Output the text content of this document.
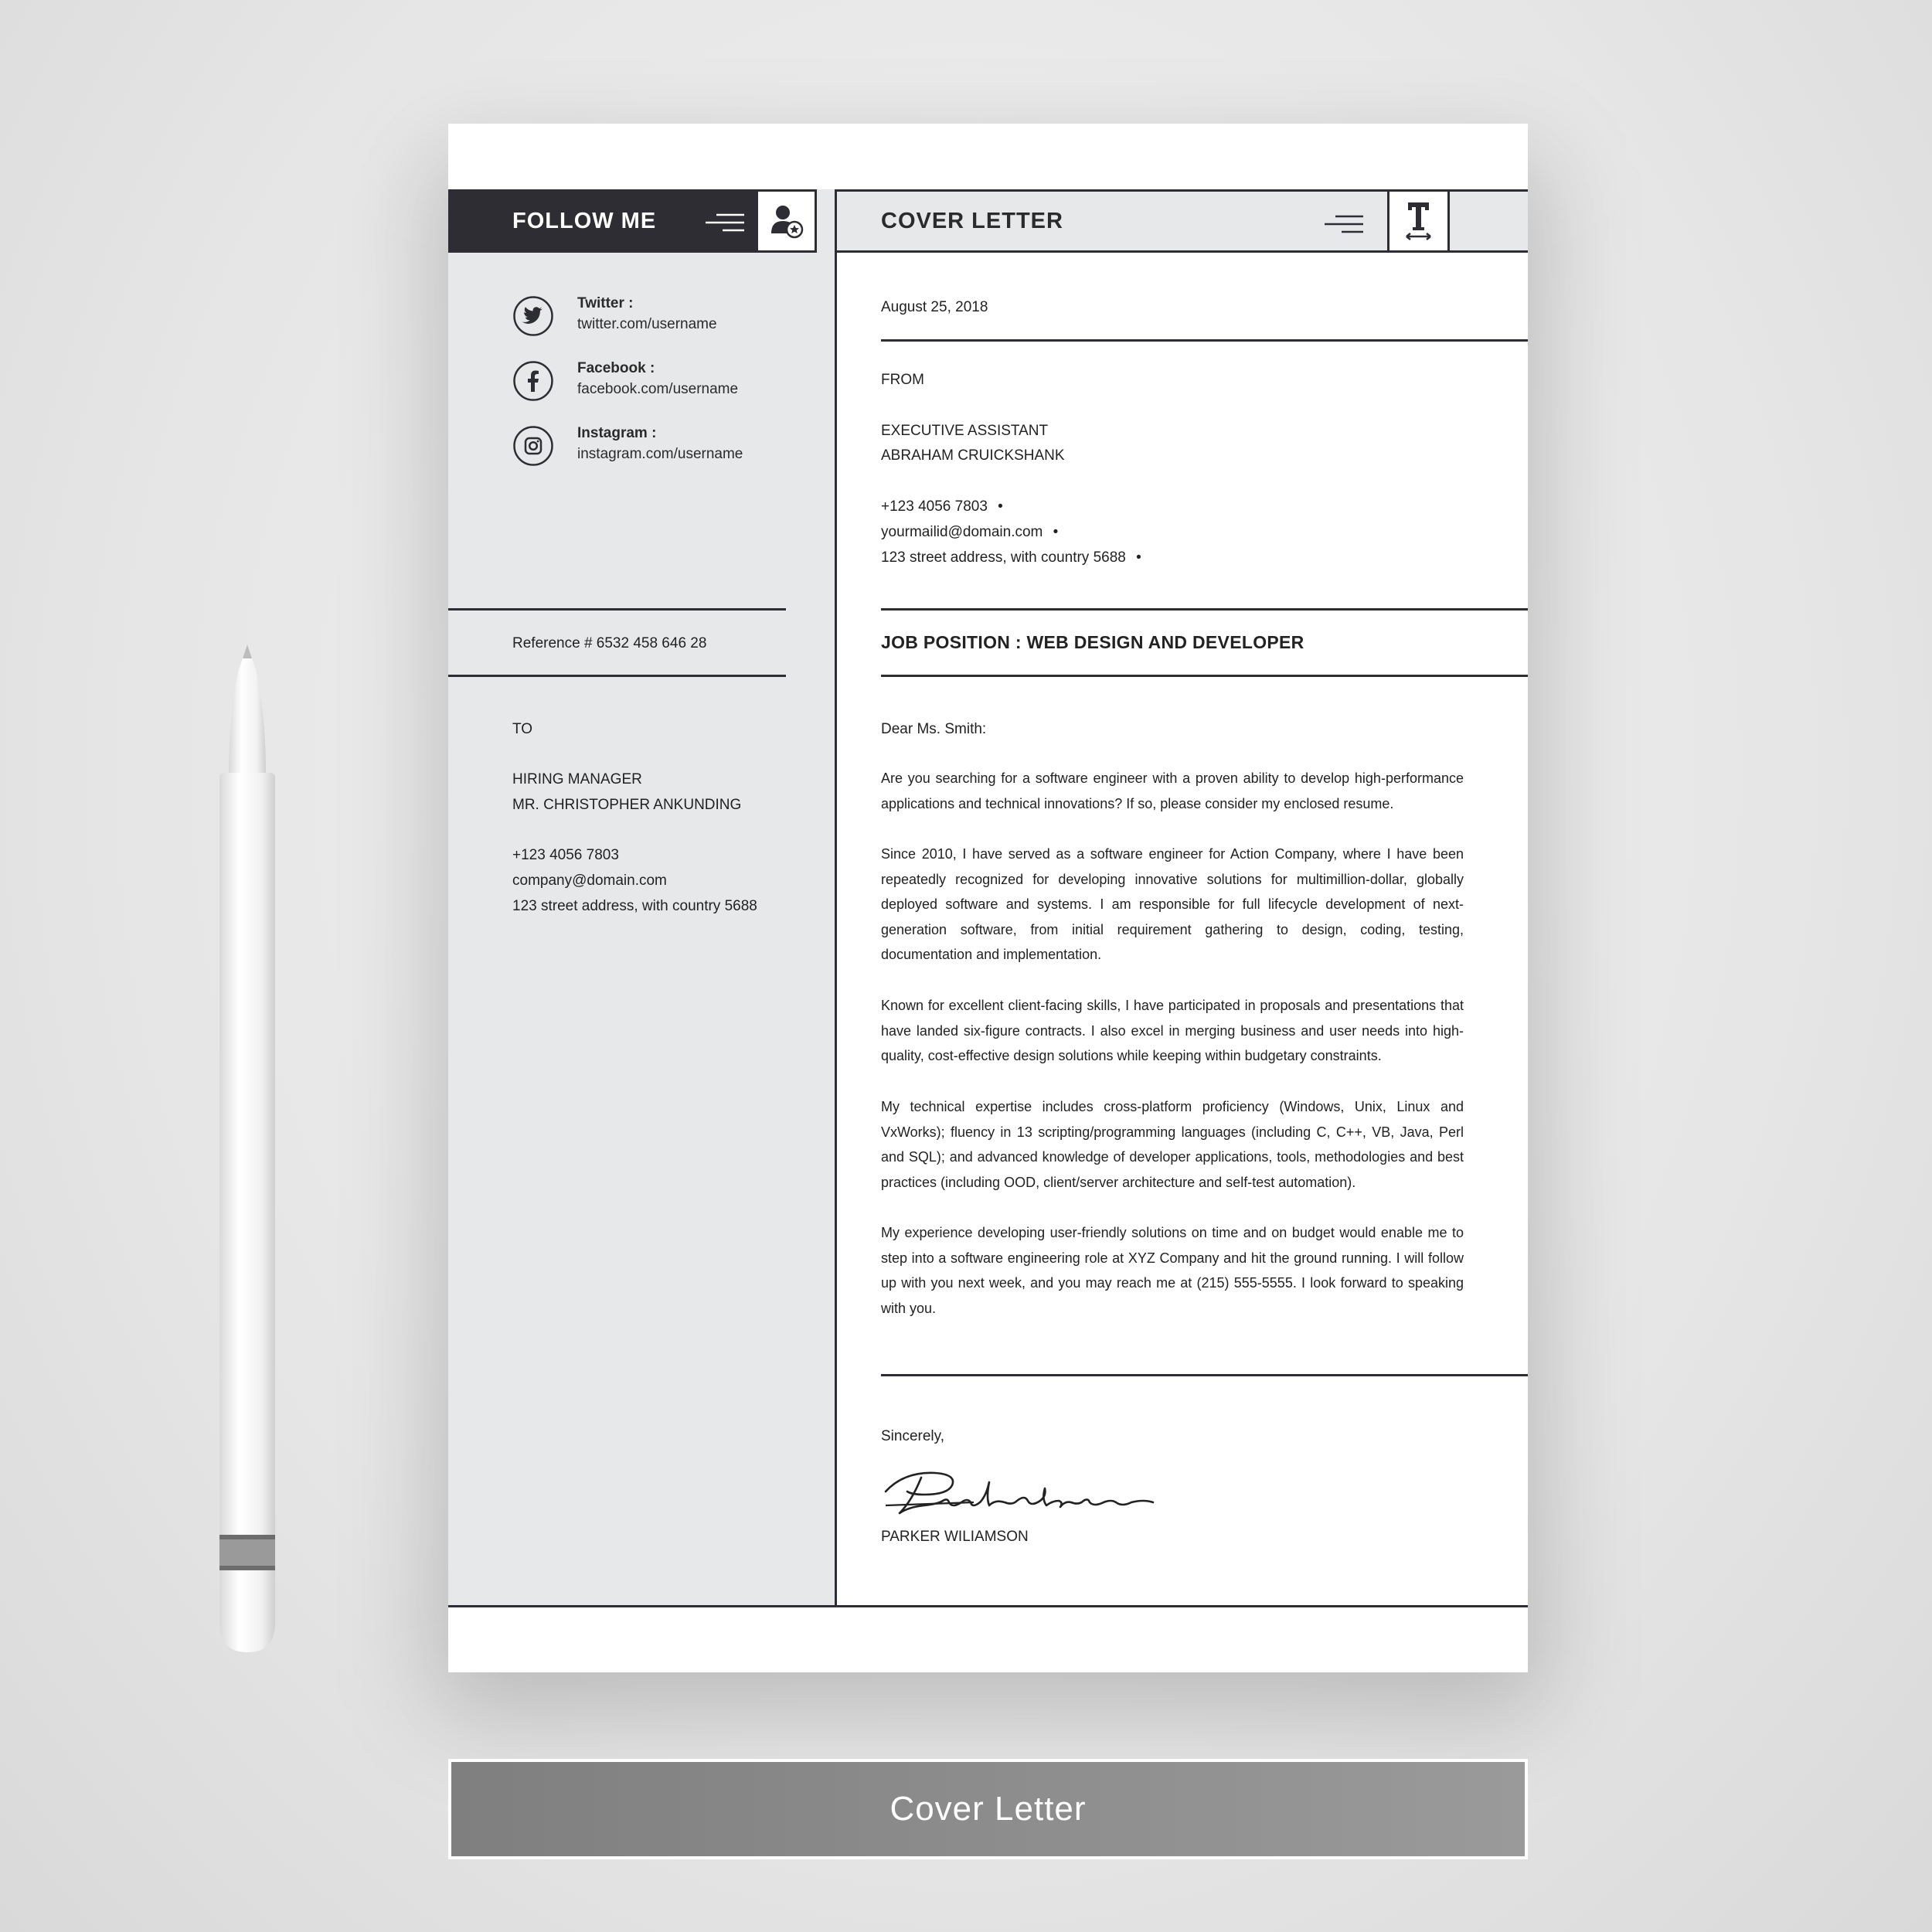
FOLLOW ME	COVER LETTER
Twitter :
twitter.com/username
Facebook :
facebook.com/username
Instagram :
instagram.com/username
Reference # 6532 458 646 28
TO
HIRING MANAGER
MR. CHRISTOPHER ANKUNDING
+123 4056 7803
company@domain.com
123 street address, with country 5688
August 25, 2018
FROM
EXECUTIVE ASSISTANT
ABRAHAM CRUICKSHANK
+123 4056 7803 •
yourmailid@domain.com •
123 street address, with country 5688 •
JOB POSITION : WEB DESIGN AND DEVELOPER
Dear Ms. Smith:

Are you searching for a software engineer with a proven ability to develop high-performance applications and technical innovations? If so, please consider my enclosed resume.

Since 2010, I have served as a software engineer for Action Company, where I have been repeatedly recognized for developing innovative solutions for multimillion-dollar, globally deployed software and systems. I am responsible for full lifecycle development of next-generation software, from initial requirement gathering to design, coding, testing, documentation and implementation.

Known for excellent client-facing skills, I have participated in proposals and presentations that have landed six-figure contracts. I also excel in merging business and user needs into high-quality, cost-effective design solutions while keeping within budgetary constraints.

My technical expertise includes cross-platform proficiency (Windows, Unix, Linux and VxWorks); fluency in 13 scripting/programming languages (including C, C++, VB, Java, Perl and SQL); and advanced knowledge of developer applications, tools, methodologies and best practices (including OOD, client/server architecture and self-test automation).

My experience developing user-friendly solutions on time and on budget would enable me to step into a software engineering role at XYZ Company and hit the ground running. I will follow up with you next week, and you may reach me at (215) 555-5555. I look forward to speaking with you.

Sincerely,
PARKER WILIAMSON
Cover Letter
